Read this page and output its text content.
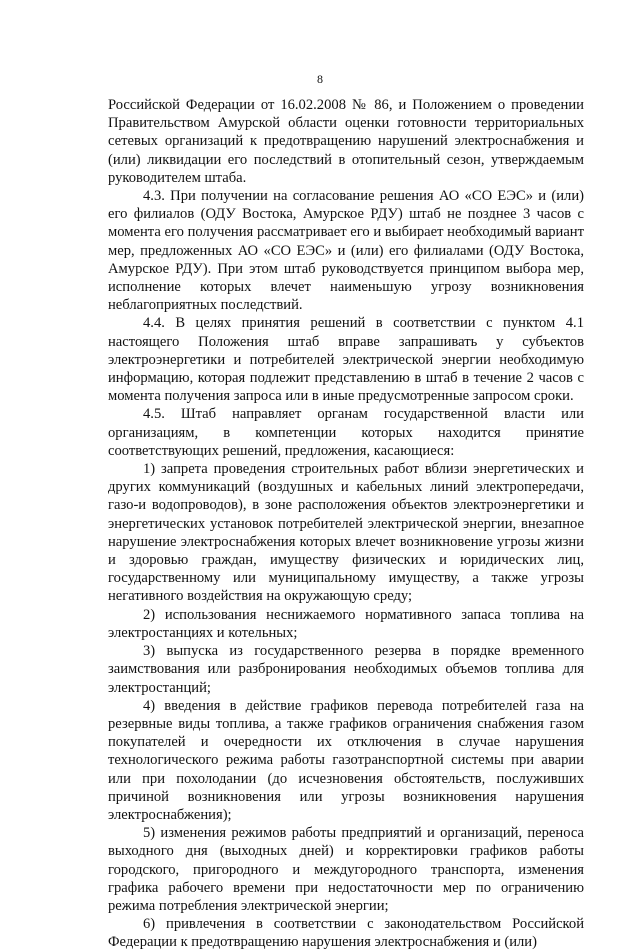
8

Российской Федерации от 16.02.2008 № 86, и Положением о проведении Правительством Амурской области оценки готовности территориальных сетевых организаций к предотвращению нарушений электроснабжения и (или) ликвидации его последствий в отопительный сезон, утверждаемым руководителем штаба.

4.3. При получении на согласование решения АО «СО ЕЭС» и (или) его филиалов (ОДУ Востока, Амурское РДУ) штаб не позднее 3 часов с момента его получения рассматривает его и выбирает необходимый вариант мер, предложенных АО «СО ЕЭС» и (или) его филиалами (ОДУ Востока, Амурское РДУ). При этом штаб руководствуется принципом выбора мер, исполнение которых влечет наименьшую угрозу возникновения неблагоприятных последствий.

4.4. В целях принятия решений в соответствии с пунктом 4.1 настоящего Положения штаб вправе запрашивать у субъектов электроэнергетики и потребителей электрической энергии необходимую информацию, которая подлежит представлению в штаб в течение 2 часов с момента получения запроса или в иные предусмотренные запросом сроки.

4.5. Штаб направляет органам государственной власти или организациям, в компетенции которых находится принятие соответствующих решений, предложения, касающиеся:

1) запрета проведения строительных работ вблизи энергетических и других коммуникаций (воздушных и кабельных линий электропередачи, газо-и водопроводов), в зоне расположения объектов электроэнергетики и энергетических установок потребителей электрической энергии, внезапное нарушение электроснабжения которых влечет возникновение угрозы жизни и здоровью граждан, имуществу физических и юридических лиц, государственному или муниципальному имуществу, а также угрозы негативного воздействия на окружающую среду;

2) использования неснижаемого нормативного запаса топлива на электростанциях и котельных;

3) выпуска из государственного резерва в порядке временного заимствования или разбронирования необходимых объемов топлива для электростанций;

4) введения в действие графиков перевода потребителей газа на резервные виды топлива, а также графиков ограничения снабжения газом покупателей и очередности их отключения в случае нарушения технологического режима работы газотранспортной системы при аварии или при похолодании (до исчезновения обстоятельств, послуживших причиной возникновения или угрозы возникновения нарушения электроснабжения);

5) изменения режимов работы предприятий и организаций, переноса выходного дня (выходных дней) и корректировки графиков работы городского, пригородного и междугородного транспорта, изменения графика рабочего времени при недостаточности мер по ограничению режима потребления электрической энергии;

6) привлечения в соответствии с законодательством Российской Федерации к предотвращению нарушения электроснабжения и (или)
